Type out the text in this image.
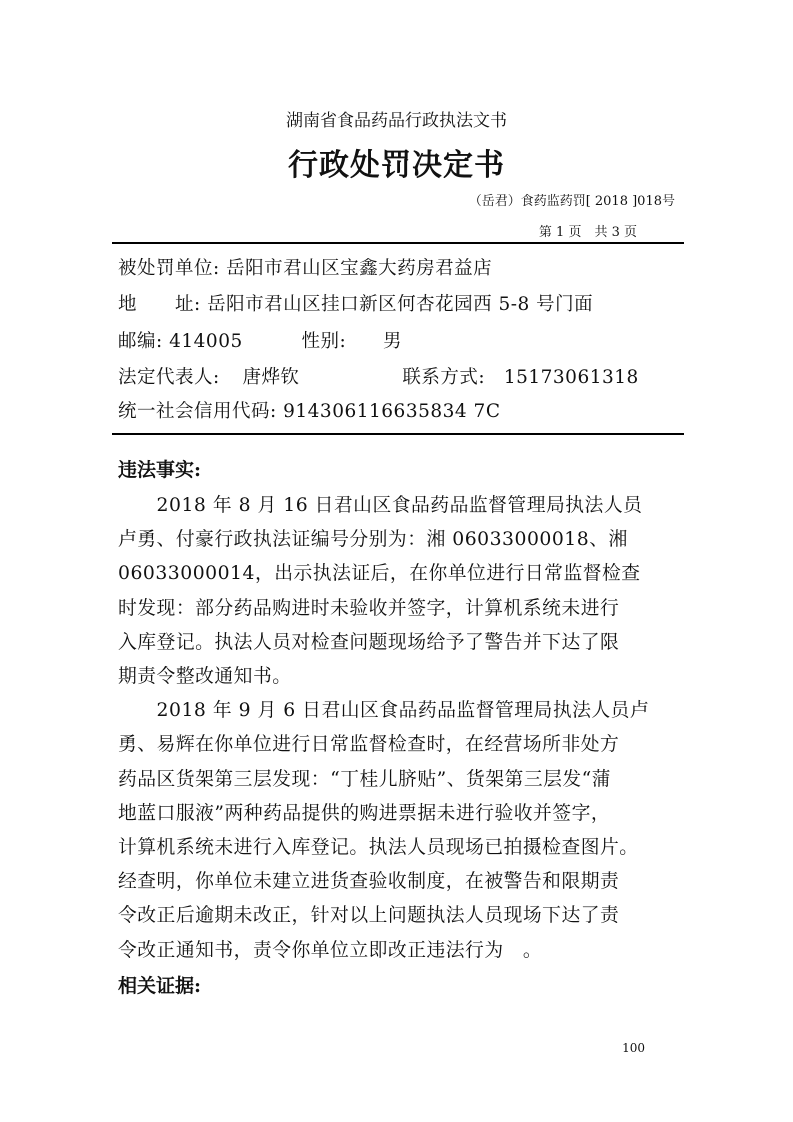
湖南省食品药品行政执法文书
行政处罚决定书
（岳君）食药监药罚[ 2018 ]018号
第 1 页　共 3 页
被处罚单位: 岳阳市君山区宝鑫大药房君益店
地　　址: 岳阳市君山区挂口新区何杏花园西 5-8 号门面
邮编: 414005	性别: 男
法定代表人: 唐烨钦	联系方式: 15173061318
统一社会信用代码: 914306116635834 7C
违法事实:
　　2018 年 8 月 16 日君山区食品药品监督管理局执法人员
卢勇、付豪行政执法证编号分别为：湘 06033000018、湘
06033000014，出示执法证后，在你单位进行日常监督检查
时发现：部分药品购进时未验收并签字，计算机系统未进行
入库登记。执法人员对检查问题现场给予了警告并下达了限
期责令整改通知书。
　　2018 年 9 月 6 日君山区食品药品监督管理局执法人员卢
勇、易辉在你单位进行日常监督检查时，在经营场所非处方
药品区货架第三层发现：“丁桂儿脐贴”、货架第三层发“蒲
地蓝口服液”两种药品提供的购进票据未进行验收并签字，
计算机系统未进行入库登记。执法人员现场已拍摄检查图片。
经查明，你单位未建立进货查验收制度，在被警告和限期责
令改正后逾期未改正，针对以上问题执法人员现场下达了责
相关证据:
100
令改正通知书，责令你单位立即改正违法行为　。
